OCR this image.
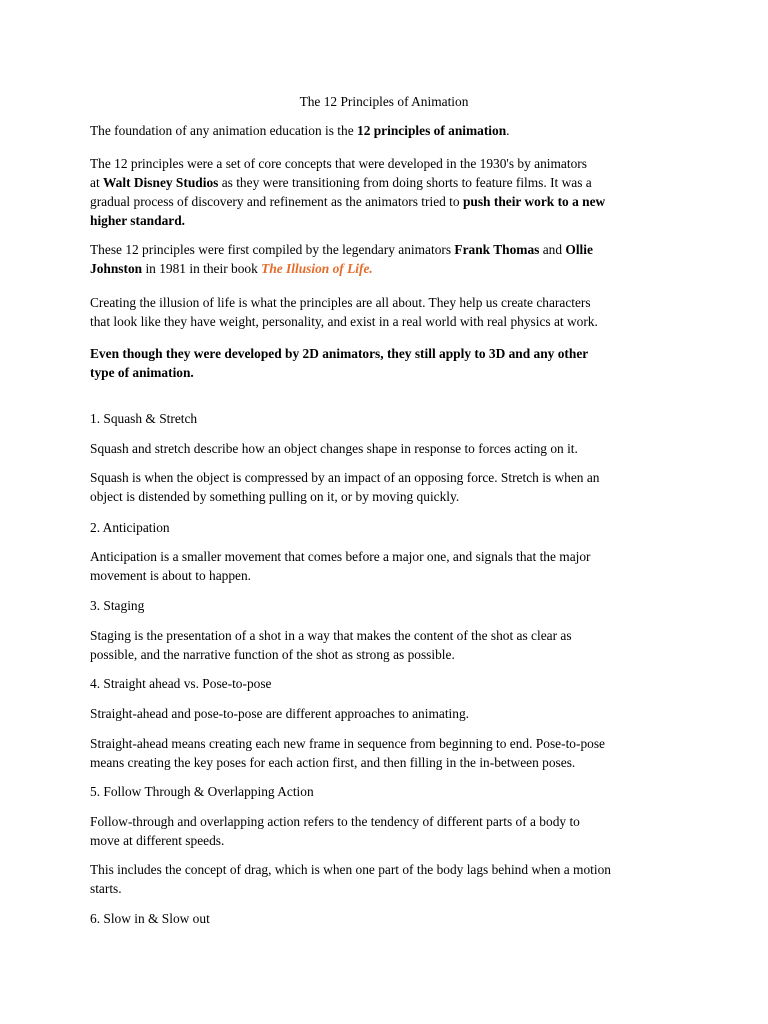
The 12 Principles of Animation

The foundation of any animation education is the 12 principles of animation.

The 12 principles were a set of core concepts that were developed in the 1930's by animators
at Walt Disney Studios as they were transitioning from doing shorts to feature films. It was a
gradual process of discovery and refinement as the animators tried to push their work to a new
higher standard.

These 12 principles were first compiled by the legendary animators Frank Thomas and Ollie
Johnston in 1981 in their book The Illusion of Life.

Creating the illusion of life is what the principles are all about. They help us create characters
that look like they have weight, personality, and exist in a real world with real physics at work.

Even though they were developed by 2D animators, they still apply to 3D and any other
type of animation.

1. Squash & Stretch

Squash and stretch describe how an object changes shape in response to forces acting on it.

Squash is when the object is compressed by an impact of an opposing force. Stretch is when an
object is distended by something pulling on it, or by moving quickly.

2. Anticipation

Anticipation is a smaller movement that comes before a major one, and signals that the major
movement is about to happen.

3. Staging

Staging is the presentation of a shot in a way that makes the content of the shot as clear as
possible, and the narrative function of the shot as strong as possible.

4. Straight ahead vs. Pose-to-pose

Straight-ahead and pose-to-pose are different approaches to animating.

Straight-ahead means creating each new frame in sequence from beginning to end. Pose-to-pose
means creating the key poses for each action first, and then filling in the in-between poses.

5. Follow Through & Overlapping Action

Follow-through and overlapping action refers to the tendency of different parts of a body to
move at different speeds.

This includes the concept of drag, which is when one part of the body lags behind when a motion
starts.

6. Slow in & Slow out
